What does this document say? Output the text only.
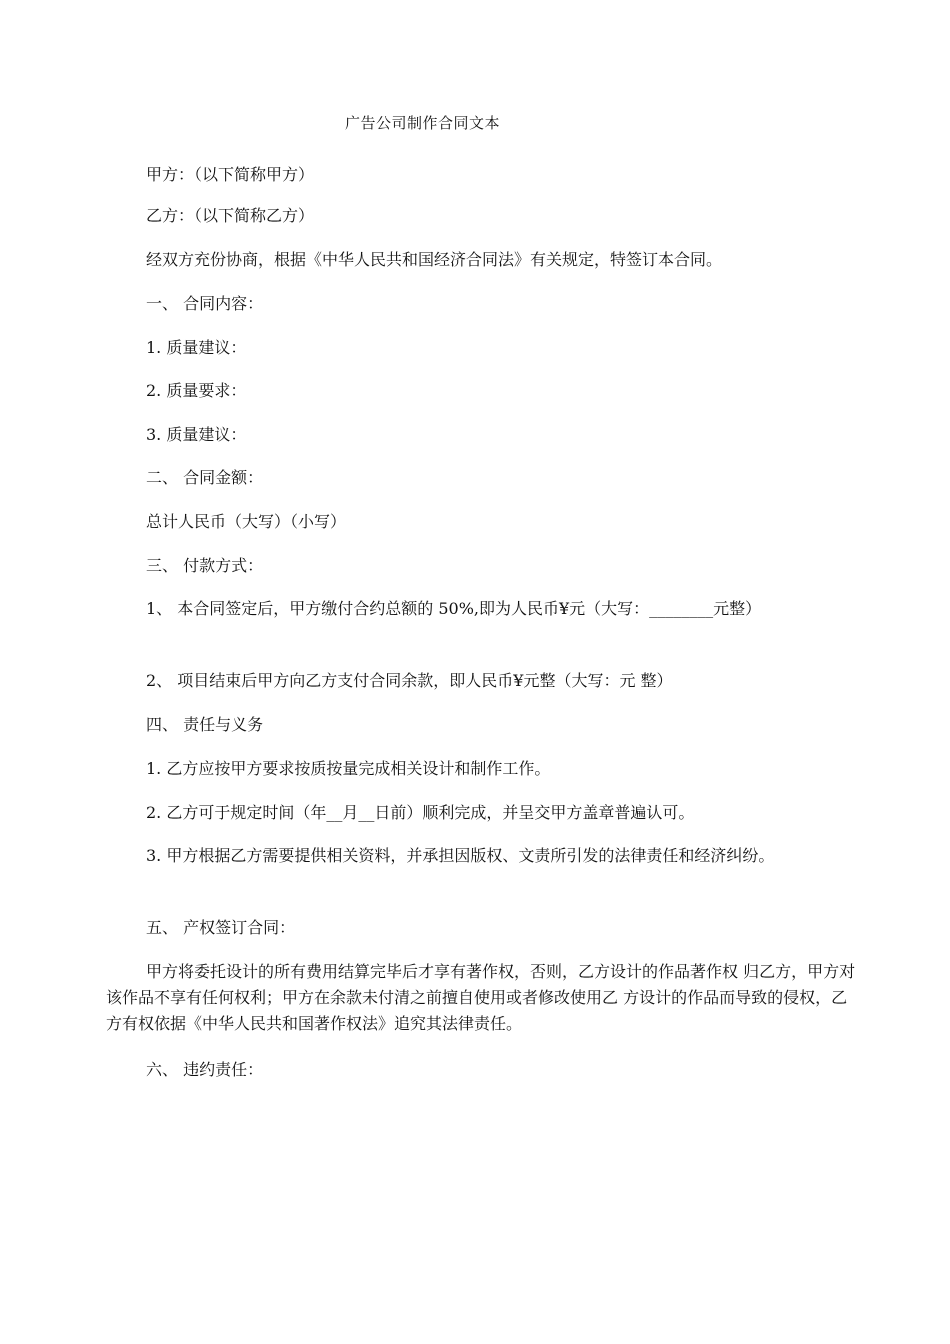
广告公司制作合同文本
甲方：（以下简称甲方）
乙方：（以下简称乙方）
经双方充份协商，根据《中华人民共和国经济合同法》有关规定，特签订本合同。
一、 合同内容：
1. 质量建议：
2. 质量要求：
3. 质量建议：
二、 合同金额：
总计人民币（大写）（小写）
三、 付款方式：
1、 本合同签定后，甲方缴付合约总额的 50%,即为人民币¥元（大写：________元整）
2、 项目结束后甲方向乙方支付合同余款，即人民币¥元整（大写：元 整）
四、 责任与义务
1. 乙方应按甲方要求按质按量完成相关设计和制作工作。
2. 乙方可于规定时间（年__月__日前）顺利完成，并呈交甲方盖章普遍认可。
3. 甲方根据乙方需要提供相关资料，并承担因版权、文责所引发的法律责任和经济纠纷。
五、 产权签订合同：
甲方将委托设计的所有费用结算完毕后才享有著作权，否则，乙方设计的作品著作权 归乙方，甲方对该作品不享有任何权利；甲方在余款未付清之前擅自使用或者修改使用乙 方设计的作品而导致的侵权，乙方有权依据《中华人民共和国著作权法》追究其法律责任。
六、 违约责任：
